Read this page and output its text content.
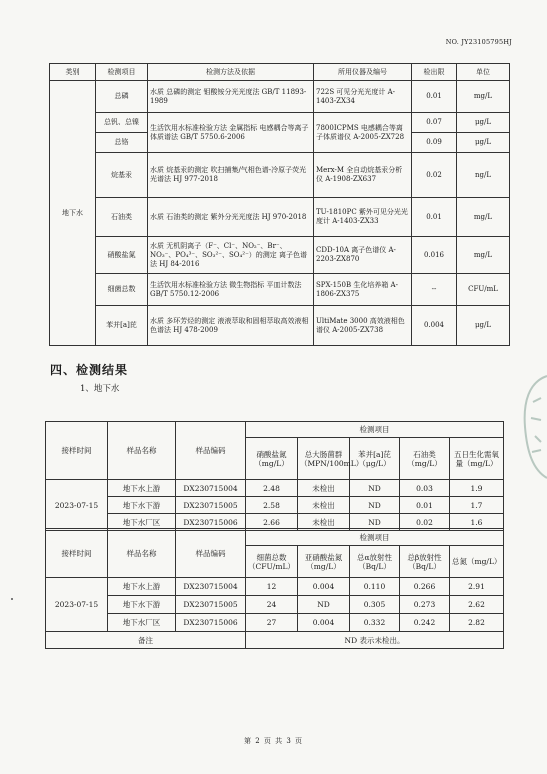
NO. JY23105795HJ
类别	检测项目	检测方法及依据	所用仪器及编号	检出限	单位
地下水	总磷	水质 总磷的测定 钼酸铵分光光度法 GB/T 11893-1989	722S 可见分光光度计 A-1403-ZX34	0.01	mg/L
	总钒、总镍	生活饮用水标准检验方法 金属指标 电感耦合等离子体质谱法 GB/T 5750.6-2006	7800ICPMS 电感耦合等离子体质谱仪 A-2005-ZX728	0.07	μg/L
	总铬			0.09	μg/L
	烷基汞	水质 烷基汞的测定 吹扫捕集/气相色谱-冷原子荧光光谱法 HJ 977-2018	Merx-M 全自动烷基汞分析仪 A-1908-ZX637	0.02	ng/L
	石油类	水质 石油类的测定 紫外分光光度法 HJ 970-2018	TU-1810PC 紫外可见分光光度计 A-1403-ZX33	0.01	mg/L
	硝酸盐氮	水质 无机阴离子（F⁻、Cl⁻、NO₂⁻、Br⁻、NO₃⁻、PO₄³⁻、SO₃²⁻、SO₄²⁻）的测定 离子色谱法 HJ 84-2016	CDD-10A 离子色谱仪 A-2203-ZX870	0.016	mg/L
	细菌总数	生活饮用水标准检验方法 微生物指标 平皿计数法 GB/T 5750.12-2006	SPX-150B 生化培养箱 A-1806-ZX375	--	CFU/mL
	苯并[a]芘	水质 多环芳烃的测定 液液萃取和固相萃取高效液相色谱法 HJ 478-2009	UltiMate 3000 高效液相色谱仪 A-2005-ZX738	0.004	μg/L
四、检测结果
1、地下水
接样时间	样品名称	样品编码	检测项目				
			硝酸盐氮（mg/L）	总大肠菌群（MPN/100mL）	苯并[a]芘（μg/L）	石油类（mg/L）	五日生化需氧量（mg/L）
2023-07-15	地下水上游	DX230715004	2.48	未检出	ND	0.03	1.9
	地下水下游	DX230715005	2.58	未检出	ND	0.01	1.7
	地下水厂区	DX230715006	2.66	未检出	ND	0.02	1.6
接样时间	样品名称	样品编码	检测项目				
			细菌总数（CFU/mL）	亚硝酸盐氮（mg/L）	总α放射性（Bq/L）	总β放射性（Bq/L）	总氮（mg/L）
2023-07-15	地下水上游	DX230715004	12	0.004	0.110	0.266	2.91
	地下水下游	DX230715005	24	ND	0.305	0.273	2.62
	地下水厂区	DX230715006	27	0.004	0.332	0.242	2.82
备注			ND 表示未检出。				
第 2 页 共 3 页
